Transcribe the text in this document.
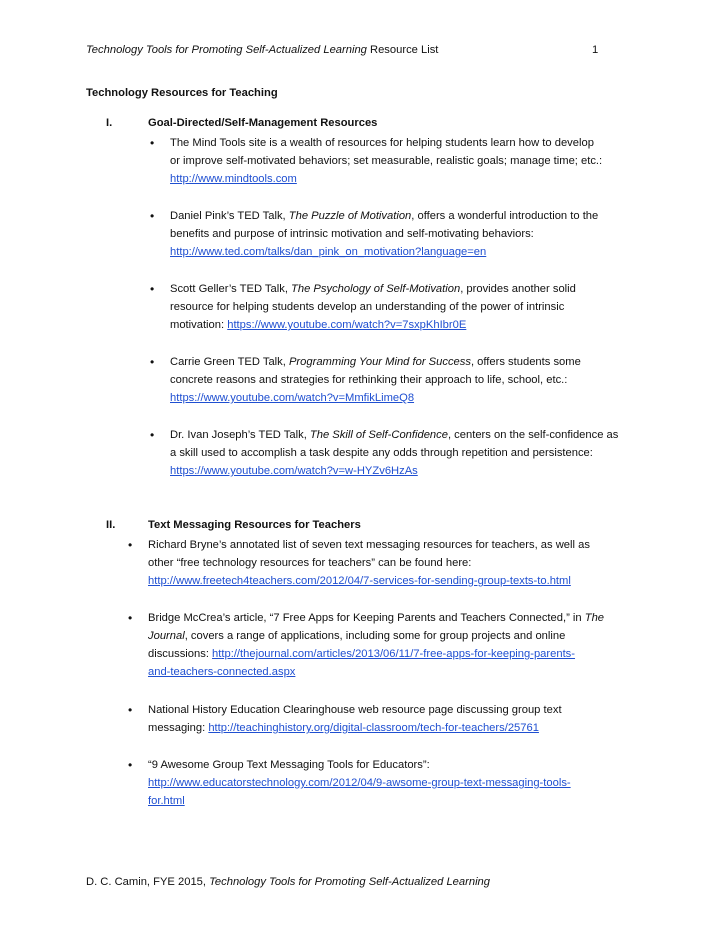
Technology Tools for Promoting Self-Actualized Learning Resource List	1
Technology Resources for Teaching
I.	Goal-Directed/Self-Management Resources
• The Mind Tools site is a wealth of resources for helping students learn how to develop
or improve self-motivated behaviors; set measurable, realistic goals; manage time; etc.:
http://www.mindtools.com
• Daniel Pink’s TED Talk, The Puzzle of Motivation, offers a wonderful introduction to the
benefits and purpose of intrinsic motivation and self-motivating behaviors:
http://www.ted.com/talks/dan_pink_on_motivation?language=en
• Scott Geller’s TED Talk, The Psychology of Self-Motivation, provides another solid
resource for helping students develop an understanding of the power of intrinsic
motivation: https://www.youtube.com/watch?v=7sxpKhIbr0E
• Carrie Green TED Talk, Programming Your Mind for Success, offers students some
concrete reasons and strategies for rethinking their approach to life, school, etc.:
https://www.youtube.com/watch?v=MmfikLimeQ8
• Dr. Ivan Joseph’s TED Talk, The Skill of Self-Confidence, centers on the self-confidence as
a skill used to accomplish a task despite any odds through repetition and persistence:
https://www.youtube.com/watch?v=w-HYZv6HzAs
II.	Text Messaging Resources for Teachers
• Richard Bryne’s annotated list of seven text messaging resources for teachers, as well as
other “free technology resources for teachers” can be found here:
http://www.freetech4teachers.com/2012/04/7-services-for-sending-group-texts-to.html
• Bridge McCrea’s article, “7 Free Apps for Keeping Parents and Teachers Connected,” in The
Journal, covers a range of applications, including some for group projects and online
discussions: http://thejournal.com/articles/2013/06/11/7-free-apps-for-keeping-parents-
and-teachers-connected.aspx
• National History Education Clearinghouse web resource page discussing group text
messaging: http://teachinghistory.org/digital-classroom/tech-for-teachers/25761
• “9 Awesome Group Text Messaging Tools for Educators”:
http://www.educatorstechnology.com/2012/04/9-awsome-group-text-messaging-tools-
for.html
D. C. Camin, FYE 2015, Technology Tools for Promoting Self-Actualized Learning
